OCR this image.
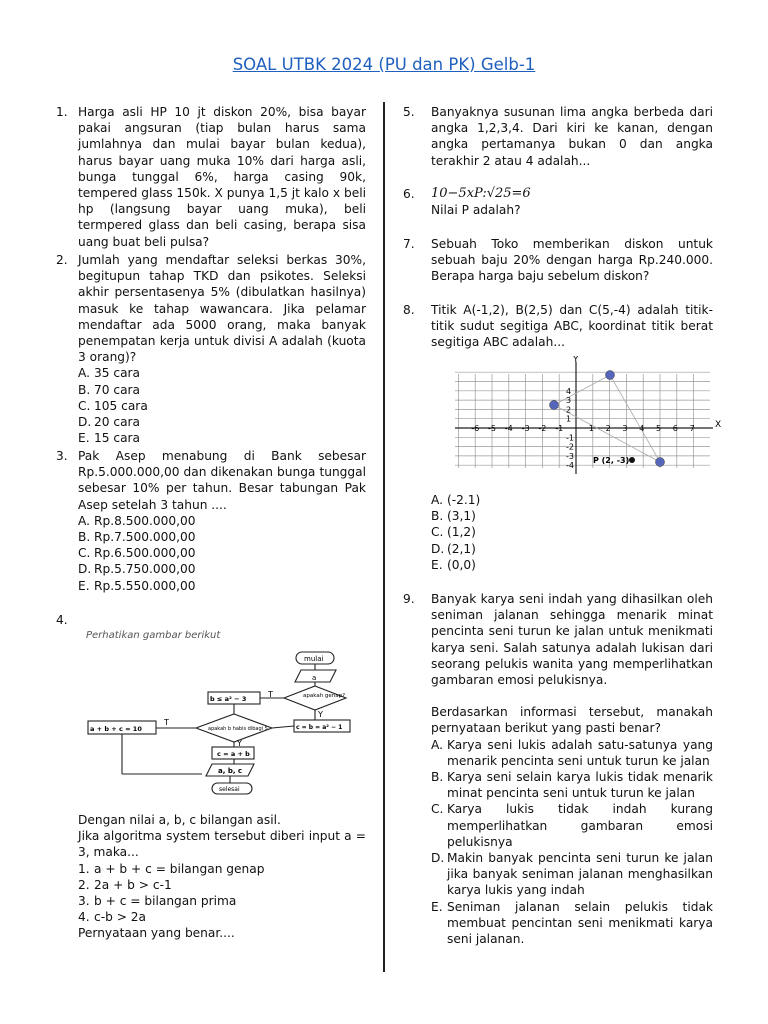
SOAL UTBK 2024 (PU dan PK) Gelb-1
1. Harga asli HP 10 jt diskon 20%, bisa bayar pakai angsuran (tiap bulan harus sama jumlahnya dan mulai bayar bulan kedua), harus bayar uang muka 10% dari harga asli, bunga tunggal 6%, harga casing 90k, tempered glass 150k. X punya 1,5 jt kalo x beli hp (langsung bayar uang muka), beli termpered glass dan beli casing, berapa sisa uang buat beli pulsa?
2. Jumlah yang mendaftar seleksi berkas 30%, begitupun tahap TKD dan psikotes. Seleksi akhir persentasenya 5% (dibulatkan hasilnya) masuk ke tahap wawancara. Jika pelamar mendaftar ada 5000 orang, maka banyak penempatan kerja untuk divisi A adalah (kuota 3 orang)?
A. 35 cara
B. 70 cara
C. 105 cara
D. 20 cara
E. 15 cara
3. Pak Asep menabung di Bank sebesar Rp.5.000.000,00 dan dikenakan bunga tunggal sebesar 10% per tahun. Besar tabungan Pak Asep setelah 3 tahun ....
A. Rp.8.500.000,00
B. Rp.7.500.000,00
C. Rp.6.500.000,00
D. Rp.5.750.000,00
E. Rp.5.550.000,00
4.
Perhatikan gambar berikut
mulai
a
apakah genap?
b ≤ a² − 3
c = b = a² − 1
apakah b habis dibagi 5
a + b + c = 10
c = a + b
a, b, c
selesai
T
T
Y
Y
Dengan nilai a, b, c bilangan asil.
Jika algoritma system tersebut diberi input a = 3, maka...
1. a + b + c = bilangan genap
2. 2a + b > c-1
3. b + c = bilangan prima
4. c-b > 2a
Pernyataan yang benar....
5. Banyaknya susunan lima angka berbeda dari angka 1,2,3,4. Dari kiri ke kanan, dengan angka pertamanya bukan 0 dan angka terakhir 2 atau 4 adalah...
6. 10−5xP:√25=6
Nilai P adalah?
7. Sebuah Toko memberikan diskon untuk sebuah baju 20% dengan harga Rp.240.000. Berapa harga baju sebelum diskon?
8. Titik A(-1,2), B(2,5) dan C(5,-4) adalah titik-titik sudut segitiga ABC, koordinat titik berat segitiga ABC adalah...
X
Y
-6 -5 -4 -3 -2 -1	1 2 3 4 5 6 7
4
3
2
1
-1
-2
-3
-4
P (2, -3)
A. (-2.1)
B. (3,1)
C. (1,2)
D. (2,1)
E. (0,0)
9. Banyak karya seni indah yang dihasilkan oleh seniman jalanan sehingga menarik minat pencinta seni turun ke jalan untuk menikmati karya seni. Salah satunya adalah lukisan dari seorang pelukis wanita yang memperlihatkan gambaran emosi pelukisnya.
Berdasarkan informasi tersebut, manakah pernyataan berikut yang pasti benar?
A. Karya seni lukis adalah satu-satunya yang menarik pencinta seni untuk turun ke jalan
B. Karya seni selain karya lukis tidak menarik minat pencinta seni untuk turun ke jalan
C. Karya lukis tidak indah kurang memperlihatkan gambaran emosi pelukisnya
D. Makin banyak pencinta seni turun ke jalan jika banyak seniman jalanan menghasilkan karya lukis yang indah
E. Seniman jalanan selain pelukis tidak membuat pencintan seni menikmati karya seni jalanan.
